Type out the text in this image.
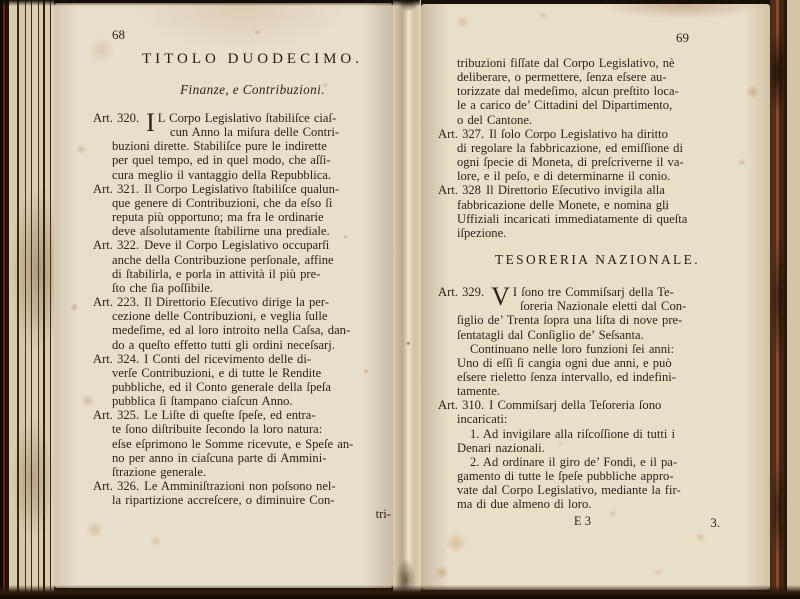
68
TITOLO DUODECIMO.
Finanze, e Contribuzioni.
Art. 320. I L Corpo Legislativo ſtabiliſce ciaſ-
cun Anno la miſura delle Contri-
buzioni dirette. Stabiliſce pure le indirette
per quel tempo, ed in quel modo, che aſſi-
cura meglio il vantaggio della Repubblica.
Art. 321. Il Corpo Legislativo ſtabiliſce qualun-
que genere di Contribuzioni, che da eſso ſi
reputa più opportuno; ma fra le ordinarie
deve aſsolutamente ſtabilirne una prediale.
Art. 322. Deve il Corpo Legislativo occuparſi
anche della Contribuzione perſonale, affine
di ſtabilirla, e porla in attività il più pre-
ſto che ſia poſſibile.
Art. 223. Il Direttorio Eſecutivo dirige la per-
cezione delle Contribuzioni, e veglia ſulle
medeſime, ed al loro introito nella Caſsa, dan-
do a queſto effetto tutti gli ordini neceſsarj.
Art. 324. I Conti del ricevimento delle di-
verſe Contribuzioni, e di tutte le Rendite
pubbliche, ed il Conto generale della ſpeſa
pubblica ſi ſtampano ciaſcun Anno.
Art. 325. Le Liſte di queſte ſpeſe, ed entra-
te ſono diſtribuite ſecondo la loro natura:
eſse eſprimono le Somme ricevute, e Speſe an-
no per anno in ciaſcuna parte di Ammini-
ſtrazione generale.
Art. 326. Le Amminiſtrazioni non poſsono nel-
la ripartizione accreſcere, o diminuire Con-
tri-
69
tribuzioni fiſſate dal Corpo Legislativo, nè
deliberare, o permettere, ſenza eſsere au-
torizzate dal medeſimo, alcun preſtito loca-
le a carico de’ Cittadini del Dipartimento,
o del Cantone.
Art. 327. Il ſolo Corpo Legislativo ha diritto
di regolare la fabbricazione, ed emiſſione di
ogni ſpecie di Moneta, di preſcriverne il va-
lore, e il peſo, e di determinarne il conio.
Art. 328 Il Direttorio Eſecutivo invigila alla
fabbricazione delle Monete, e nomina gli
Uffiziali incaricati immediatamente di queſta
iſpezione.
TESORERIA NAZIONALE.
Art. 329. V I ſono tre Commiſsarj della Te-
ſoreria Nazionale eletti dal Con-
ſiglio de’ Trenta ſopra una liſta di nove pre-
ſentatagli dal Conſiglio de’ Seſsanta.
Continuano nelle loro funzioni ſei anni:
Uno di eſſi ſi cangia ogni due anni, e può
eſsere rieletto ſenza intervallo, ed indefini-
tamente.
Art. 310. I Commiſsarj della Teſoreria ſono
incaricati:
1. Ad invigilare alla riſcoſſione di tutti i
Denari nazionali.
2. Ad ordinare il giro de’ Fondi, e il pa-
gamento di tutte le ſpeſe pubbliche appro-
vate dal Corpo Legislativo, mediante la fir-
ma di due almeno di loro.
E 3	3.
